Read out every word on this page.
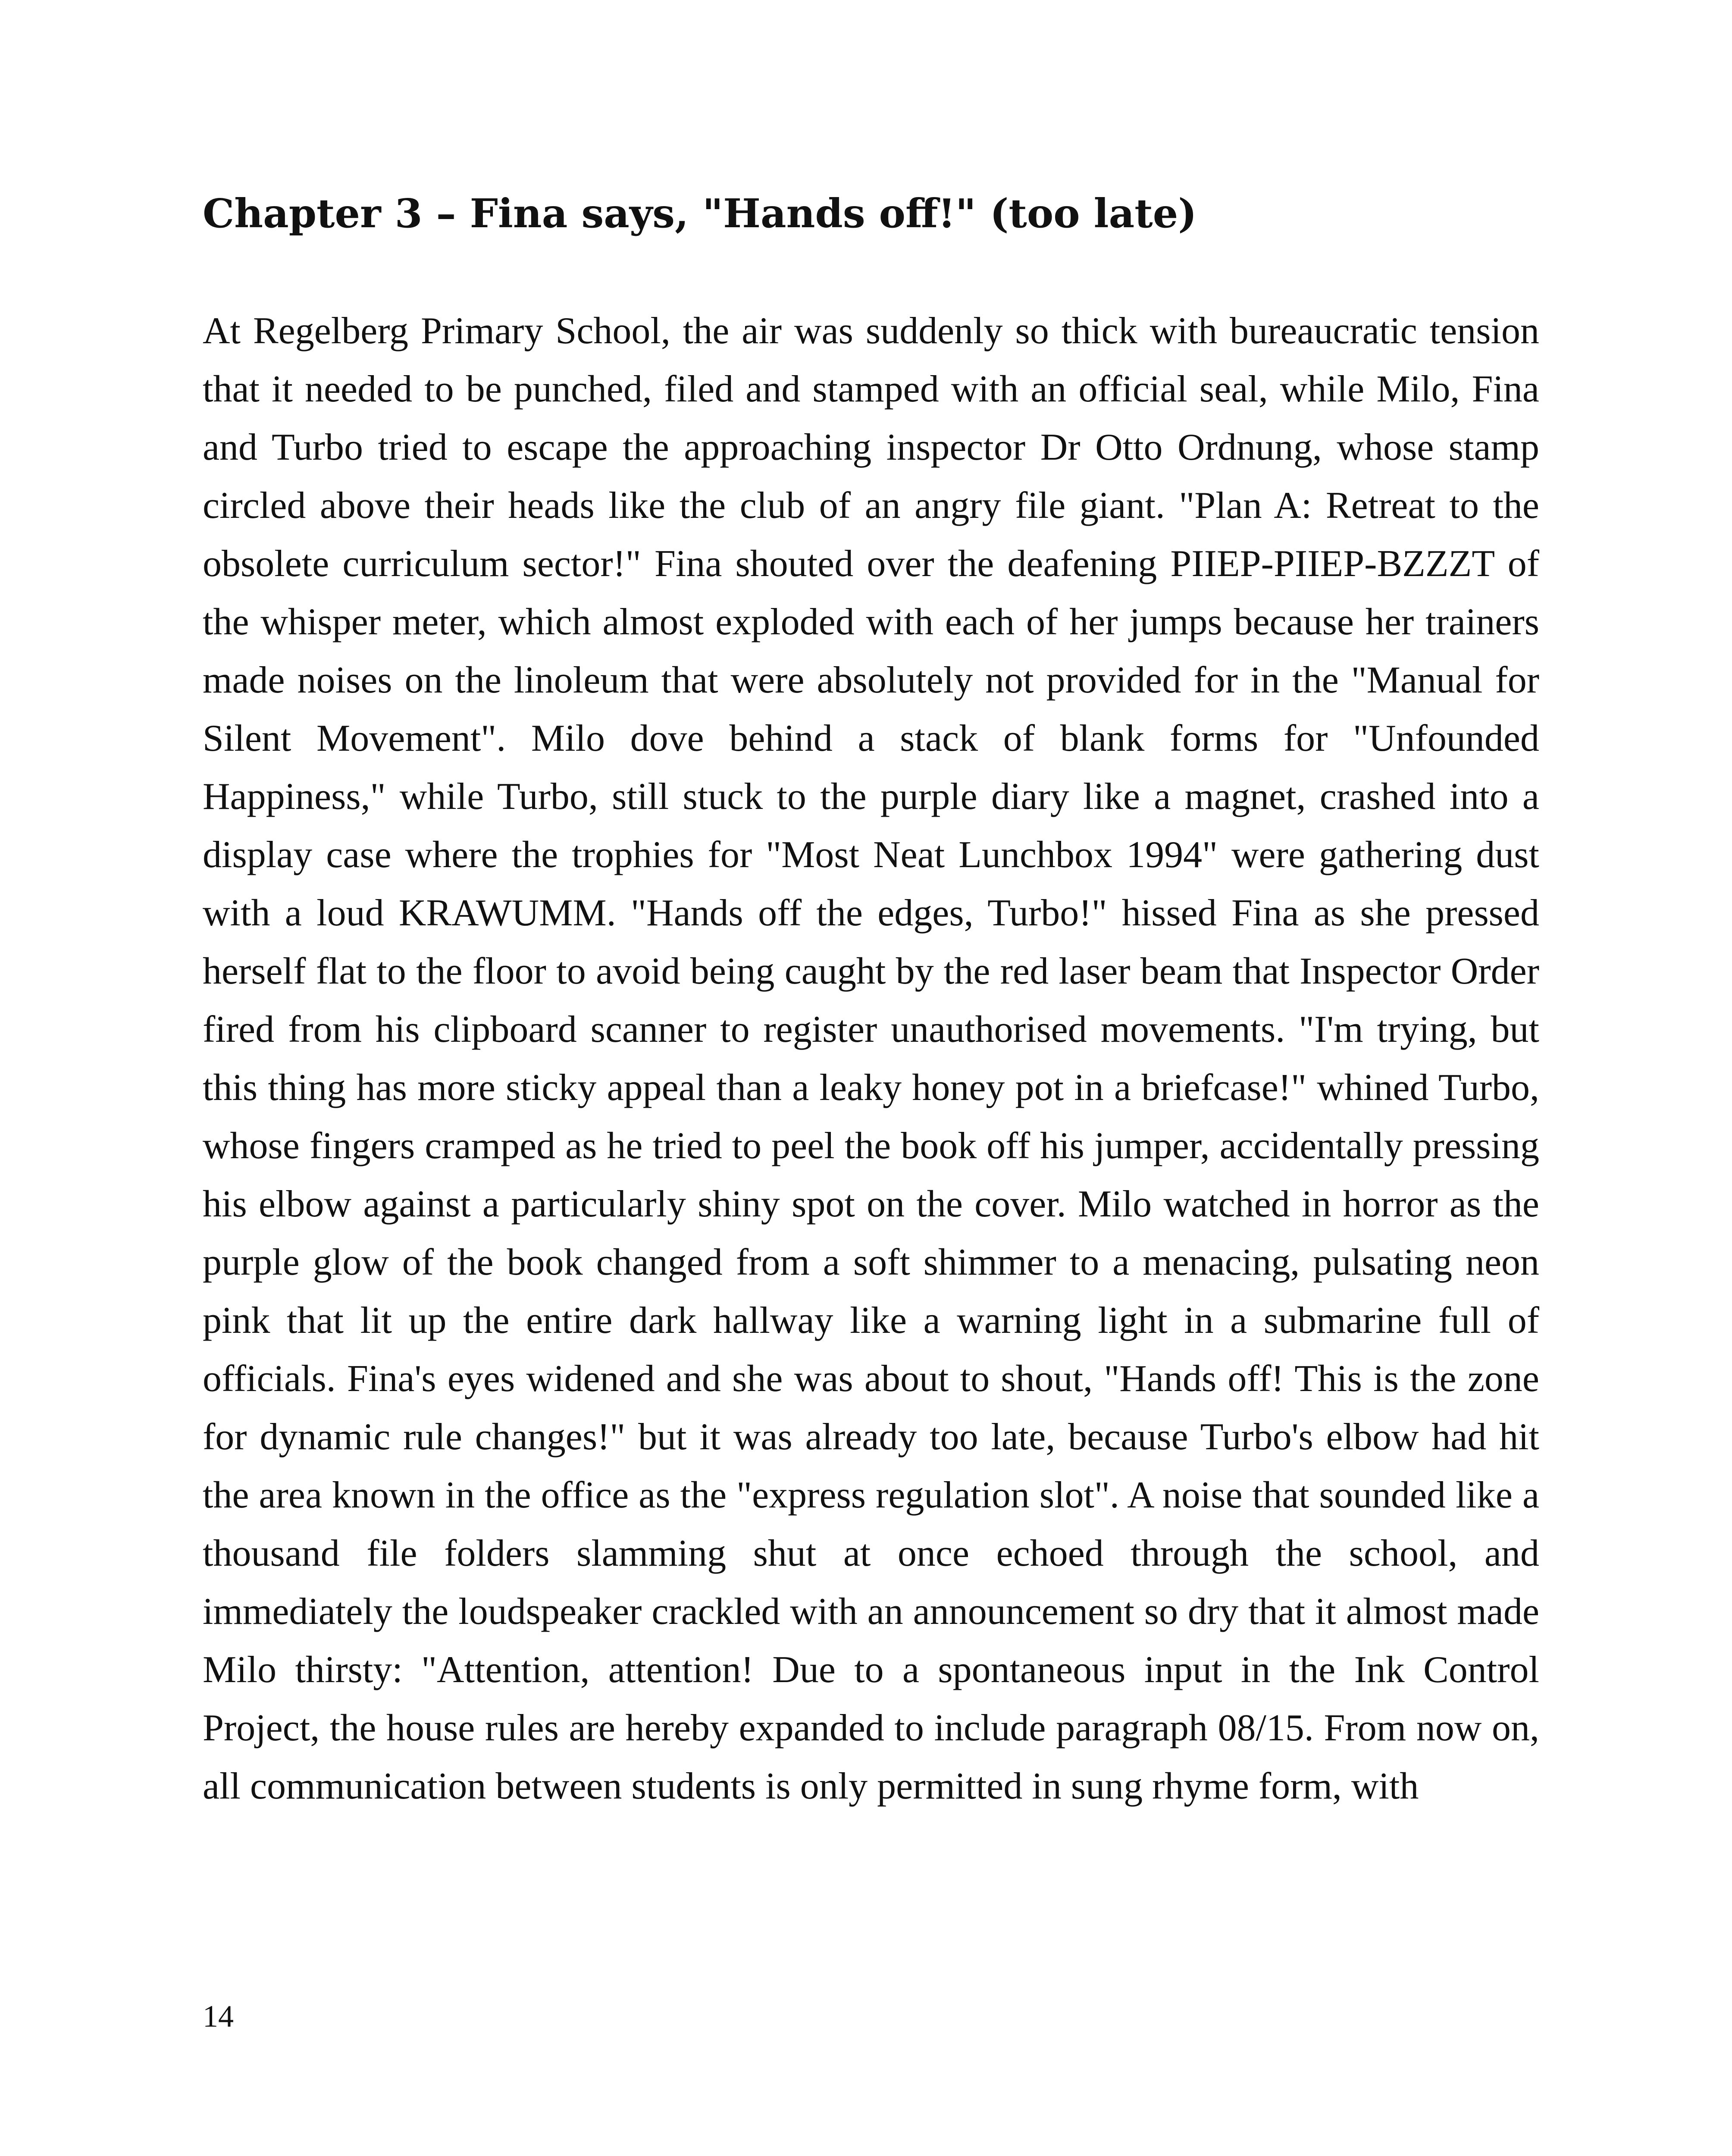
Chapter 3 – Fina says, "Hands off!" (too late)

At Regelberg Primary School, the air was suddenly so thick with bureaucratic tension that it needed to be punched, filed and stamped with an official seal, while Milo, Fina and Turbo tried to escape the approaching inspector Dr Otto Ordnung, whose stamp circled above their heads like the club of an angry file giant. "Plan A: Retreat to the obsolete curriculum sector!" Fina shouted over the deafening PIIEP-PIIEP-BZZZT of the whisper meter, which almost exploded with each of her jumps because her trainers made noises on the linoleum that were absolutely not provided for in the "Manual for Silent Movement". Milo dove behind a stack of blank forms for "Unfounded Happiness," while Turbo, still stuck to the purple diary like a magnet, crashed into a display case where the trophies for "Most Neat Lunchbox 1994" were gathering dust with a loud KRAWUMM. "Hands off the edges, Turbo!" hissed Fina as she pressed herself flat to the floor to avoid being caught by the red laser beam that Inspector Order fired from his clipboard scanner to register unauthorised movements. "I'm trying, but this thing has more sticky appeal than a leaky honey pot in a briefcase!" whined Turbo, whose fingers cramped as he tried to peel the book off his jumper, accidentally pressing his elbow against a particularly shiny spot on the cover. Milo watched in horror as the purple glow of the book changed from a soft shimmer to a menacing, pulsating neon pink that lit up the entire dark hallway like a warning light in a submarine full of officials. Fina's eyes widened and she was about to shout, "Hands off! This is the zone for dynamic rule changes!" but it was already too late, because Turbo's elbow had hit the area known in the office as the "express regulation slot". A noise that sounded like a thousand file folders slamming shut at once echoed through the school, and immediately the loudspeaker crackled with an announcement so dry that it almost made Milo thirsty: "Attention, attention! Due to a spontaneous input in the Ink Control Project, the house rules are hereby expanded to include paragraph 08/15. From now on, all communication between students is only permitted in sung rhyme form, with

14
